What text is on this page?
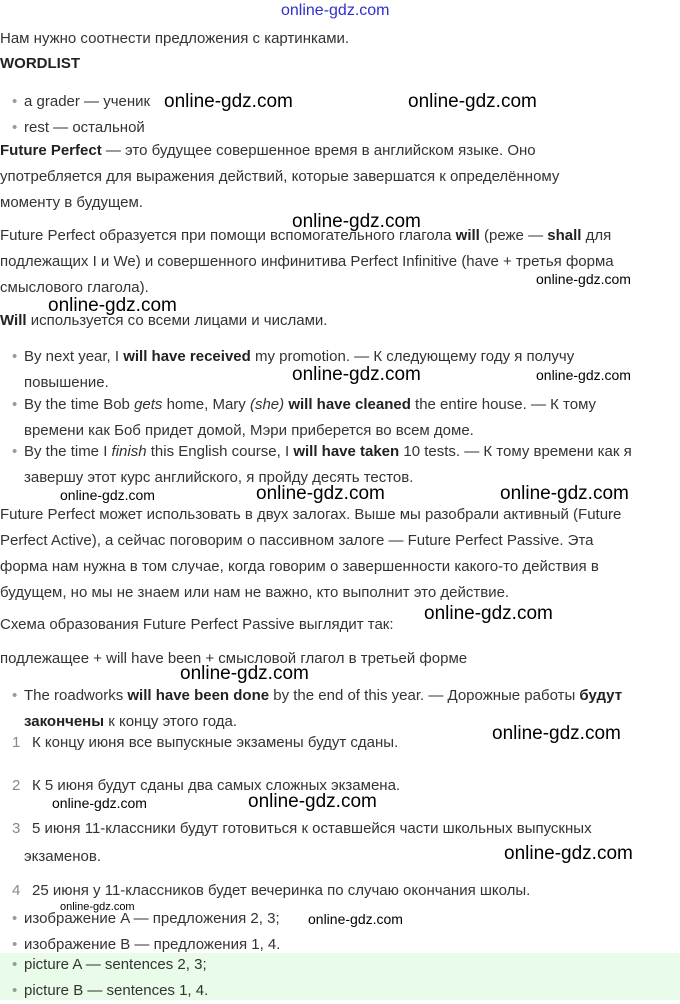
online-gdz.com
Нам нужно соотнести предложения с картинками.
WORDLIST
• a grader — ученик
• rest — остальной
Future Perfect — это будущее совершенное время в английском языке. Оно
употребляется для выражения действий, которые завершатся к определённому
моменту в будущем.
Future Perfect образуется при помощи вспомогательного глагола will (реже — shall для
подлежащих I и We) и совершенного инфинитива Perfect Infinitive (have + третья форма
смыслового глагола).
Will используется со всеми лицами и числами.
• By next year, I will have received my promotion. — К следующему году я получу
повышение.
• By the time Bob gets home, Mary (she) will have cleaned the entire house. — К тому
времени как Боб придет домой, Мэри приберется во всем доме.
• By the time I finish this English course, I will have taken 10 tests. — К тому времени как я
завершу этот курс английского, я пройду десять тестов.
Future Perfect может использовать в двух залогах. Выше мы разобрали активный (Future
Perfect Active), а сейчас поговорим о пассивном залоге — Future Perfect Passive. Эта
форма нам нужна в том случае, когда говорим о завершенности какого-то действия в
будущем, но мы не знаем или нам не важно, кто выполнит это действие.
Схема образования Future Perfect Passive выглядит так:
подлежащее + will have been + смысловой глагол в третьей форме
• The roadworks will have been done by the end of this year. — Дорожные работы будут
закончены к концу этого года.
1 К концу июня все выпускные экзамены будут сданы.
2 К 5 июня будут сданы два самых сложных экзамена.
3 5 июня 11-классники будут готовиться к оставшейся части школьных выпускных
экзаменов.
4 25 июня у 11-классников будет вечеринка по случаю окончания школы.
• изображение A — предложения 2, 3;
• изображение B — предложения 1, 4.
• picture A — sentences 2, 3;
• picture B — sentences 1, 4.
online-gdz.com	online-gdz.com
online-gdz.com
online-gdz.com
online-gdz.com
online-gdz.com	online-gdz.com
online-gdz.com	online-gdz.com	online-gdz.com
online-gdz.com
online-gdz.com
online-gdz.com
online-gdz.com	online-gdz.com
online-gdz.com
online-gdz.com
online-gdz.com
